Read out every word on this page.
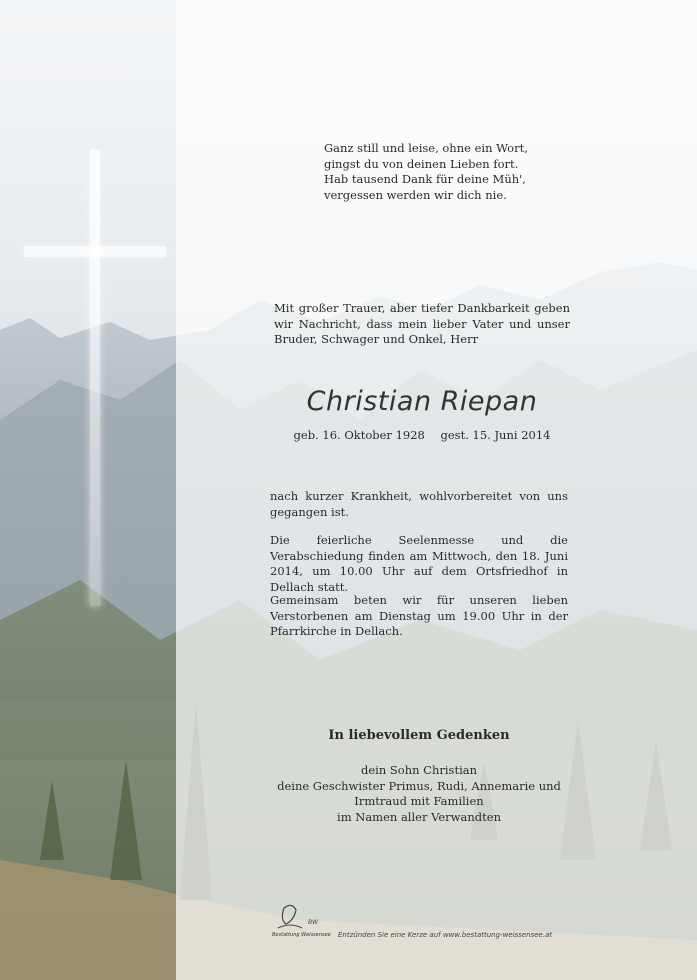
Ganz still und leise, ohne ein Wort,
gingst du von deinen Lieben fort.
Hab tausend Dank für deine Müh',
vergessen werden wir dich nie.
Mit großer Trauer, aber tiefer Dankbarkeit geben wir Nachricht, dass mein lieber Vater und unser Bruder, Schwager und Onkel, Herr
Christian Riepan
geb. 16. Oktober 1928 gest. 15. Juni 2014
nach kurzer Krankheit, wohlvorbereitet von uns gegangen ist.
Die feierliche Seelenmesse und die Verabschiedung finden am Mittwoch, den 18. Juni 2014, um 10.00 Uhr auf dem Ortsfriedhof in Dellach statt.
Gemeinsam beten wir für unseren lieben Verstorbenen am Dienstag um 19.00 Uhr in der Pfarrkirche in Dellach.
In liebevollem Gedenken
dein Sohn Christian
deine Geschwister Primus, Rudi, Annemarie und
Irmtraud mit Familien
im Namen aller Verwandten
BW
Bestattung Weissensee Entzünden Sie eine Kerze auf www.bestattung-weissensee.at
